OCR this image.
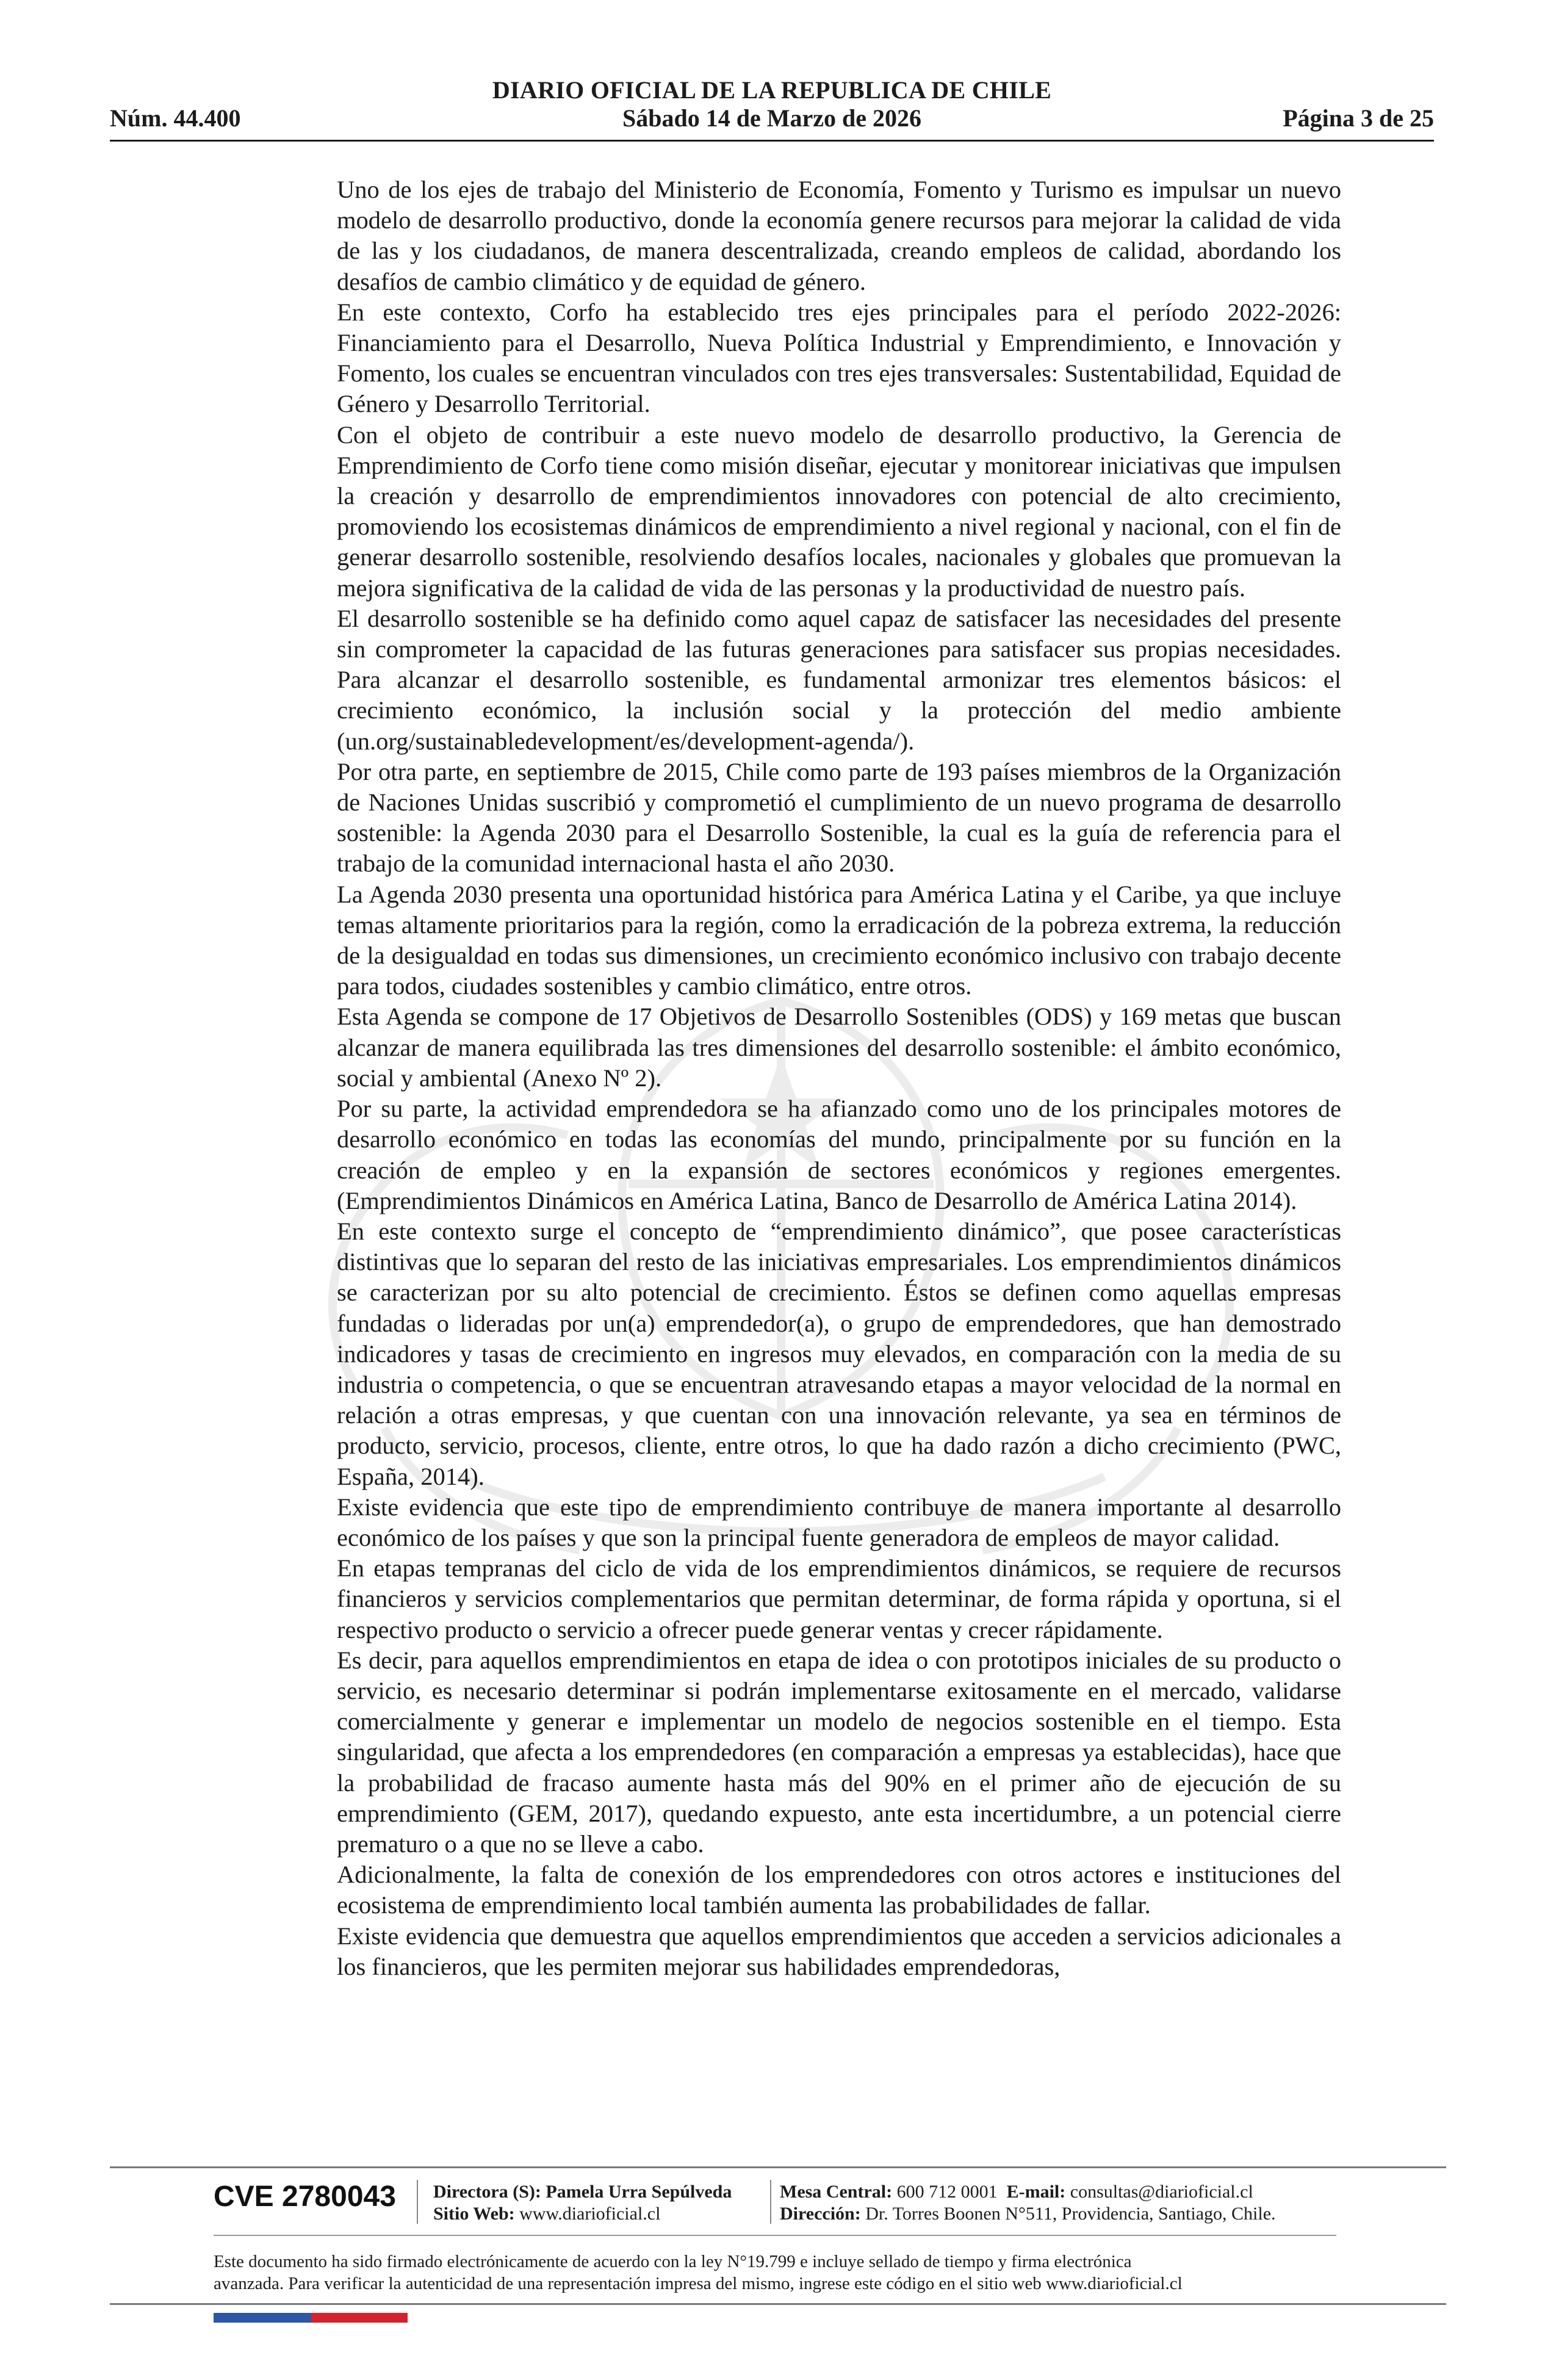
DIARIO OFICIAL DE LA REPUBLICA DE CHILE
Núm. 44.400	Sábado 14 de Marzo de 2026	Página 3 de 25

Uno de los ejes de trabajo del Ministerio de Economía, Fomento y Turismo es impulsar un nuevo modelo de desarrollo productivo, donde la economía genere recursos para mejorar la calidad de vida de las y los ciudadanos, de manera descentralizada, creando empleos de calidad, abordando los desafíos de cambio climático y de equidad de género.

En este contexto, Corfo ha establecido tres ejes principales para el período 2022-2026: Financiamiento para el Desarrollo, Nueva Política Industrial y Emprendimiento, e Innovación y Fomento, los cuales se encuentran vinculados con tres ejes transversales: Sustentabilidad, Equidad de Género y Desarrollo Territorial.

Con el objeto de contribuir a este nuevo modelo de desarrollo productivo, la Gerencia de Emprendimiento de Corfo tiene como misión diseñar, ejecutar y monitorear iniciativas que impulsen la creación y desarrollo de emprendimientos innovadores con potencial de alto crecimiento, promoviendo los ecosistemas dinámicos de emprendimiento a nivel regional y nacional, con el fin de generar desarrollo sostenible, resolviendo desafíos locales, nacionales y globales que promuevan la mejora significativa de la calidad de vida de las personas y la productividad de nuestro país.

El desarrollo sostenible se ha definido como aquel capaz de satisfacer las necesidades del presente sin comprometer la capacidad de las futuras generaciones para satisfacer sus propias necesidades. Para alcanzar el desarrollo sostenible, es fundamental armonizar tres elementos básicos: el crecimiento económico, la inclusión social y la protección del medio ambiente (un.org/sustainabledevelopment/es/development-agenda/).

Por otra parte, en septiembre de 2015, Chile como parte de 193 países miembros de la Organización de Naciones Unidas suscribió y comprometió el cumplimiento de un nuevo programa de desarrollo sostenible: la Agenda 2030 para el Desarrollo Sostenible, la cual es la guía de referencia para el trabajo de la comunidad internacional hasta el año 2030.

La Agenda 2030 presenta una oportunidad histórica para América Latina y el Caribe, ya que incluye temas altamente prioritarios para la región, como la erradicación de la pobreza extrema, la reducción de la desigualdad en todas sus dimensiones, un crecimiento económico inclusivo con trabajo decente para todos, ciudades sostenibles y cambio climático, entre otros.

Esta Agenda se compone de 17 Objetivos de Desarrollo Sostenibles (ODS) y 169 metas que buscan alcanzar de manera equilibrada las tres dimensiones del desarrollo sostenible: el ámbito económico, social y ambiental (Anexo Nº 2).

Por su parte, la actividad emprendedora se ha afianzado como uno de los principales motores de desarrollo económico en todas las economías del mundo, principalmente por su función en la creación de empleo y en la expansión de sectores económicos y regiones emergentes. (Emprendimientos Dinámicos en América Latina, Banco de Desarrollo de América Latina 2014).

En este contexto surge el concepto de “emprendimiento dinámico”, que posee características distintivas que lo separan del resto de las iniciativas empresariales. Los emprendimientos dinámicos se caracterizan por su alto potencial de crecimiento. Éstos se definen como aquellas empresas fundadas o lideradas por un(a) emprendedor(a), o grupo de emprendedores, que han demostrado indicadores y tasas de crecimiento en ingresos muy elevados, en comparación con la media de su industria o competencia, o que se encuentran atravesando etapas a mayor velocidad de la normal en relación a otras empresas, y que cuentan con una innovación relevante, ya sea en términos de producto, servicio, procesos, cliente, entre otros, lo que ha dado razón a dicho crecimiento (PWC, España, 2014).

Existe evidencia que este tipo de emprendimiento contribuye de manera importante al desarrollo económico de los países y que son la principal fuente generadora de empleos de mayor calidad.

En etapas tempranas del ciclo de vida de los emprendimientos dinámicos, se requiere de recursos financieros y servicios complementarios que permitan determinar, de forma rápida y oportuna, si el respectivo producto o servicio a ofrecer puede generar ventas y crecer rápidamente.

Es decir, para aquellos emprendimientos en etapa de idea o con prototipos iniciales de su producto o servicio, es necesario determinar si podrán implementarse exitosamente en el mercado, validarse comercialmente y generar e implementar un modelo de negocios sostenible en el tiempo. Esta singularidad, que afecta a los emprendedores (en comparación a empresas ya establecidas), hace que la probabilidad de fracaso aumente hasta más del 90% en el primer año de ejecución de su emprendimiento (GEM, 2017), quedando expuesto, ante esta incertidumbre, a un potencial cierre prematuro o a que no se lleve a cabo.

Adicionalmente, la falta de conexión de los emprendedores con otros actores e instituciones del ecosistema de emprendimiento local también aumenta las probabilidades de fallar.

Existe evidencia que demuestra que aquellos emprendimientos que acceden a servicios adicionales a los financieros, que les permiten mejorar sus habilidades emprendedoras,

CVE 2780043 Directora (S): Pamela Urra Sepúlveda
Sitio Web: www.diarioficial.cl
Mesa Central: 600 712 0001 E-mail: consultas@diarioficial.cl
Dirección: Dr. Torres Boonen N°511, Providencia, Santiago, Chile.
Este documento ha sido firmado electrónicamente de acuerdo con la ley N°19.799 e incluye sellado de tiempo y firma electrónica
avanzada. Para verificar la autenticidad de una representación impresa del mismo, ingrese este código en el sitio web www.diarioficial.cl
